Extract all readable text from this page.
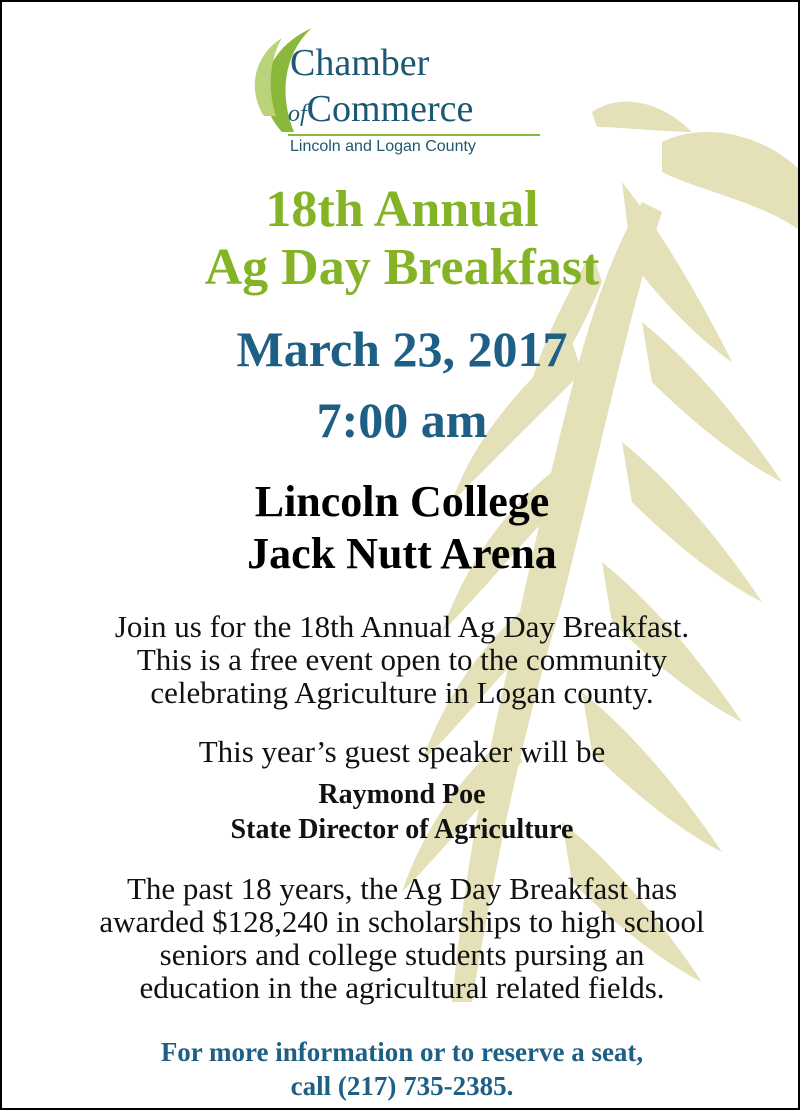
Chamber
ofCommerce
Lincoln and Logan County
18th Annual
Ag Day Breakfast
March 23, 2017
7:00 am
Lincoln College
Jack Nutt Arena
Join us for the 18th Annual Ag Day Breakfast.
This is a free event open to the community
celebrating Agriculture in Logan county.
This year’s guest speaker will be
Raymond Poe
State Director of Agriculture
The past 18 years, the Ag Day Breakfast has
awarded $128,240 in scholarships to high school
seniors and college students pursing an
education in the agricultural related fields.
For more information or to reserve a seat,
call (217) 735-2385.
